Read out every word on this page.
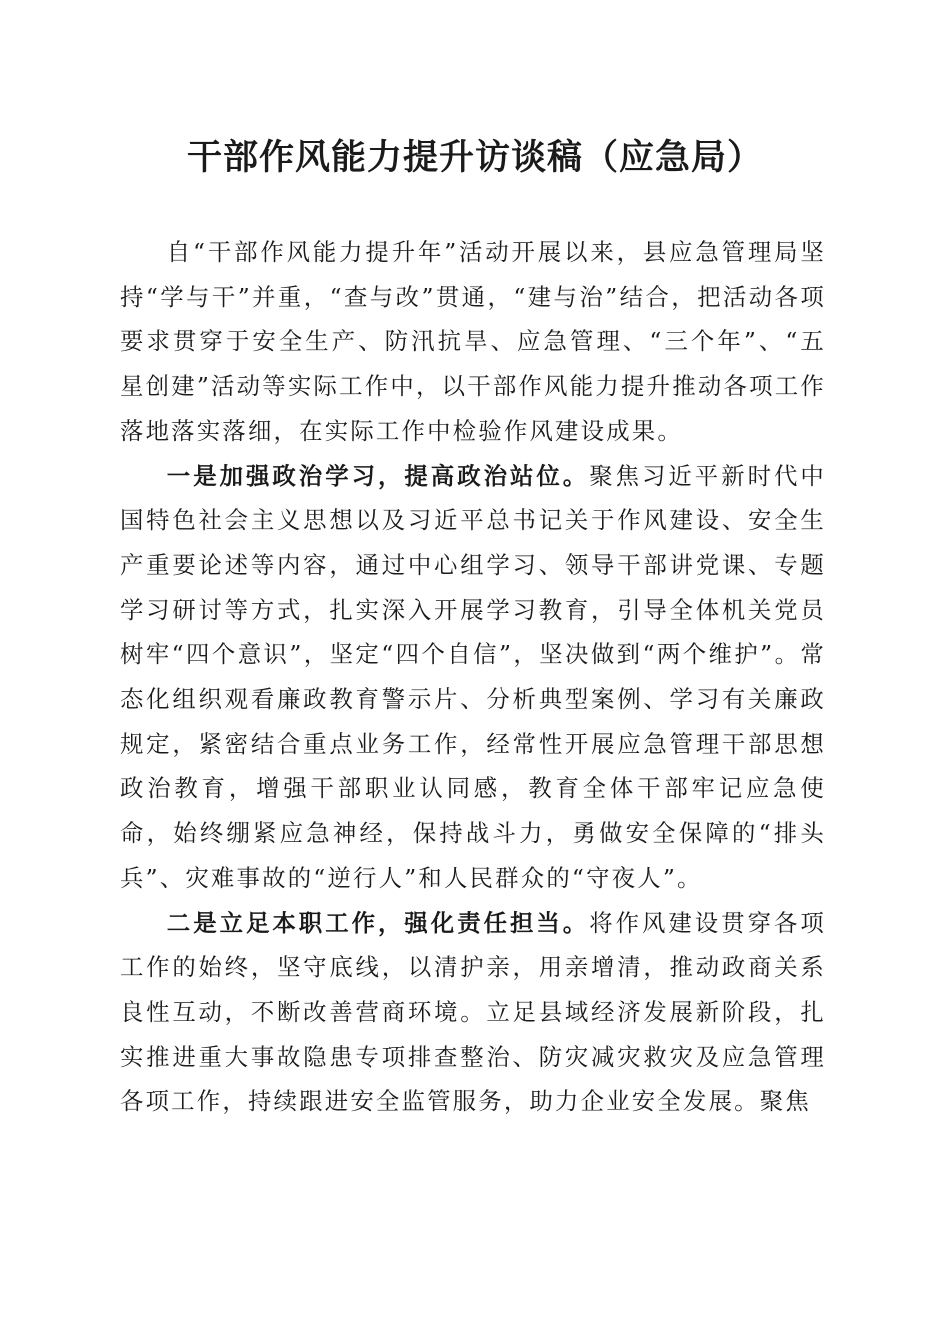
干部作风能力提升访谈稿（应急局）

自“干部作风能力提升年”活动开展以来，县应急管理局坚持“学与干”并重，“查与改”贯通，“建与治”结合，把活动各项要求贯穿于安全生产、防汛抗旱、应急管理、“三个年”、“五星创建”活动等实际工作中，以干部作风能力提升推动各项工作落地落实落细，在实际工作中检验作风建设成果。

一是加强政治学习，提高政治站位。聚焦习近平新时代中国特色社会主义思想以及习近平总书记关于作风建设、安全生产重要论述等内容，通过中心组学习、领导干部讲党课、专题学习研讨等方式，扎实深入开展学习教育，引导全体机关党员树牢“四个意识”，坚定“四个自信”，坚决做到“两个维护”。常态化组织观看廉政教育警示片、分析典型案例、学习有关廉政规定，紧密结合重点业务工作，经常性开展应急管理干部思想政治教育，增强干部职业认同感，教育全体干部牢记应急使命，始终绷紧应急神经，保持战斗力，勇做安全保障的“排头兵”、灾难事故的“逆行人”和人民群众的“守夜人”。

二是立足本职工作，强化责任担当。将作风建设贯穿各项工作的始终，坚守底线，以清护亲，用亲增清，推动政商关系良性互动，不断改善营商环境。立足县域经济发展新阶段，扎实推进重大事故隐患专项排查整治、防灾减灾救灾及应急管理各项工作，持续跟进安全监管服务，助力企业安全发展。聚焦
